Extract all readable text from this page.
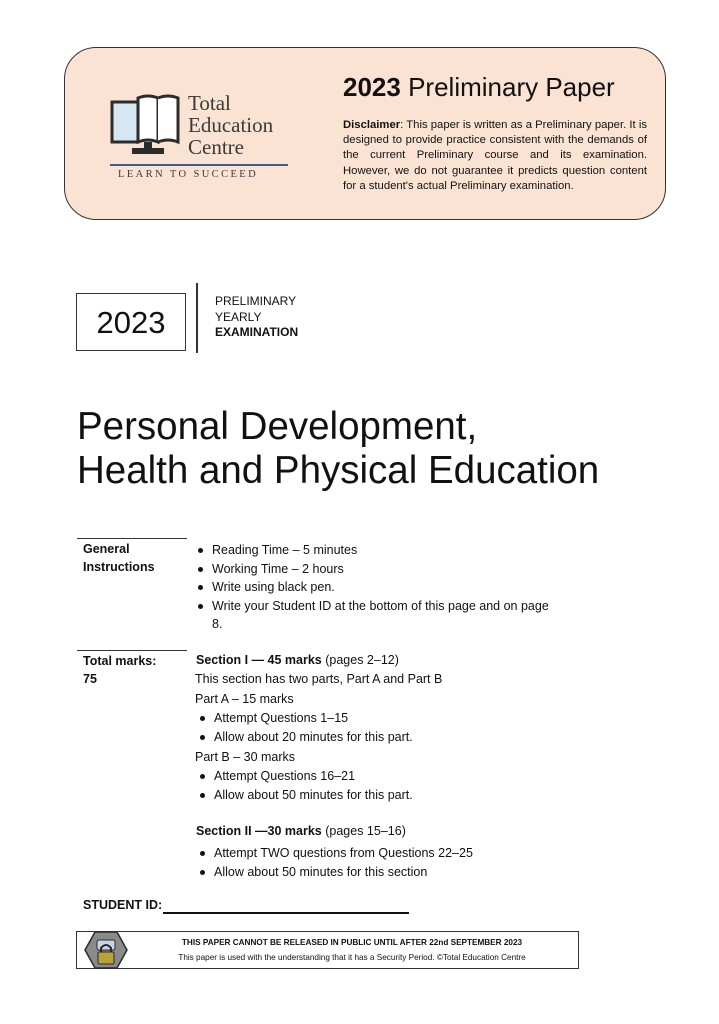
Total
Education
Centre
LEARN TO SUCCEED
2023 Preliminary Paper
Disclaimer: This paper is written as a Preliminary paper. It is designed to provide practice consistent with the demands of the current Preliminary course and its examination. However, we do not guarantee it predicts question content for a student's actual Preliminary examination.
2023
PRELIMINARY
YEARLY
EXAMINATION
Personal Development,
Health and Physical Education
General
Instructions
Reading Time – 5 minutes
Working Time – 2 hours
Write using black pen.
Write your Student ID at the bottom of this page and on page 8.
Total marks:
75
Section I — 45 marks (pages 2–12)
This section has two parts, Part A and Part B
Part A – 15 marks
Attempt Questions 1–15
Allow about 20 minutes for this part.
Part B – 30 marks
Attempt Questions 16–21
Allow about 50 minutes for this part.
Section II —30 marks (pages 15–16)
Attempt TWO questions from Questions 22–25
Allow about 50 minutes for this section
STUDENT ID:
THIS PAPER CANNOT BE RELEASED IN PUBLIC UNTIL AFTER 22nd SEPTEMBER 2023
This paper is used with the understanding that it has a Security Period. ©Total Education Centre
